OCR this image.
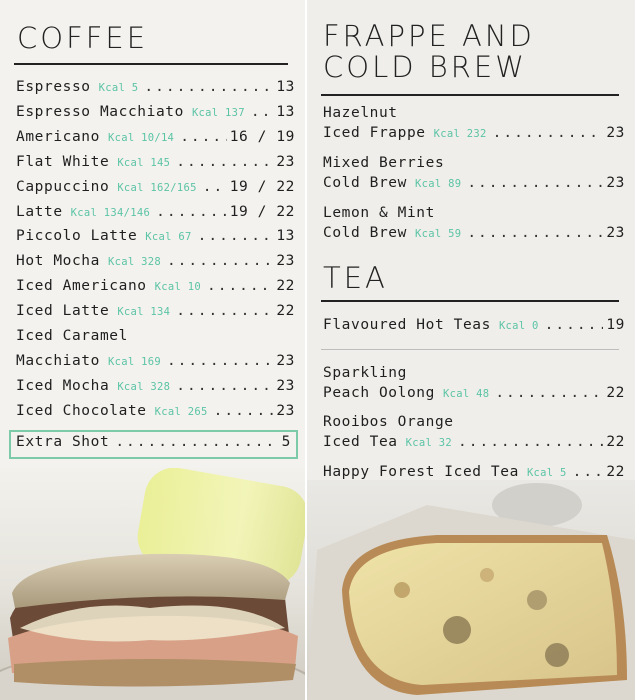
COFFEE
Espresso Kcal 5 .....	13
Espresso Macchiato Kcal 137 ..... 13
Americano Kcal 10/14 .....	16 / 19
Flat White Kcal 145 .....	23
Cappuccino Kcal 162/165 ..... 19 / 22
Latte Kcal 134/146 .....	19 / 22
Piccolo Latte Kcal 67 .....	13
Hot Mocha Kcal 328 .....	23
Iced Americano Kcal 10 .....	22
Iced Latte Kcal 134 .....	22
Iced Caramel
Macchiato Kcal 169 .....	23
Iced Mocha Kcal 328 .....	23
Iced Chocolate Kcal 265 .....	23
Extra Shot .....	5
FRAPPE AND
COLD BREW
Hazelnut
Iced Frappe Kcal 232 .....	23
Mixed Berries
Cold Brew Kcal 89 .....	23
Lemon & Mint
Cold Brew Kcal 59 .....	23
TEA
Flavoured Hot Teas Kcal 0 .....	19
Sparkling
Peach Oolong Kcal 48 .....	22
Rooibos Orange
Iced Tea Kcal 32 .....	22
Happy Forest Iced Tea Kcal 5 .....	22
